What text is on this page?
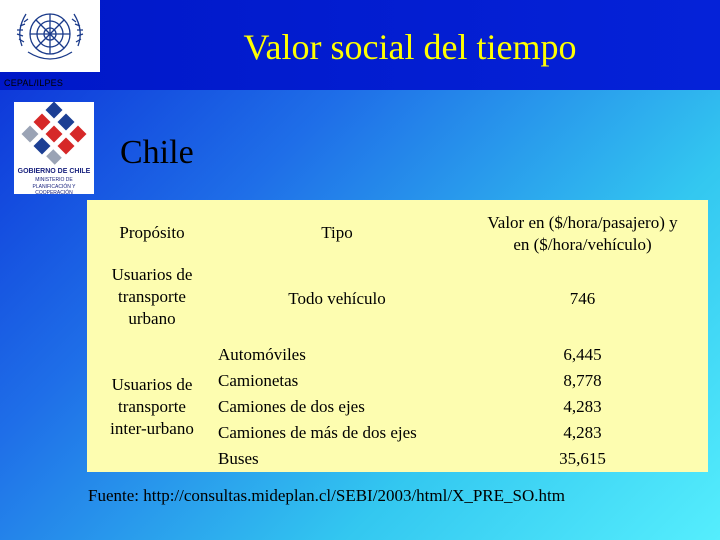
CEPAL/ILPES
Valor social del tiempo
GOBIERNO DE CHILE
MINISTERIO DE
PLANIFICACIÓN Y COOPERACIÓN
Chile
Propósito	Tipo
Valor en ($/hora/pasajero) y
en ($/hora/vehículo)
Usuarios de
transporte
urbano
Todo vehículo	746
Usuarios de
transporte
inter-urbano
Automóviles
Camionetas
Camiones de dos ejes
Camiones de más de dos ejes
Buses
6,445
8,778
4,283
4,283
35,615
Fuente: http://consultas.mideplan.cl/SEBI/2003/html/X_PRE_SO.htm
